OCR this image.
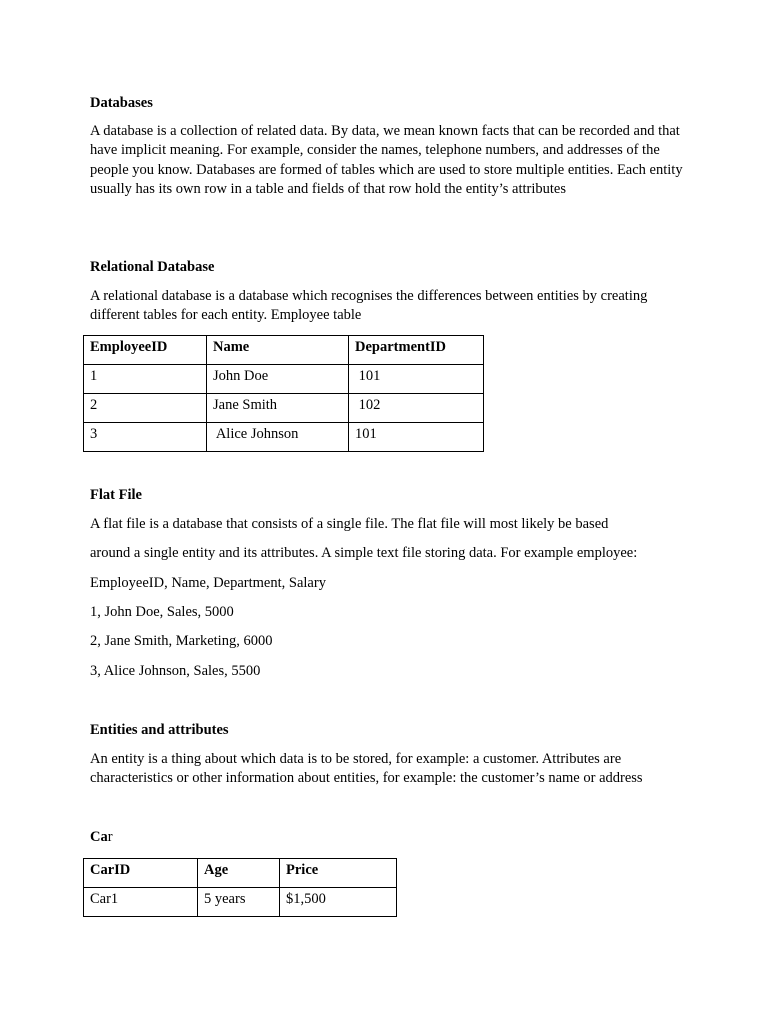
Databases
A database is a collection of related data. By data, we mean known facts that can be recorded and that have implicit meaning. For example, consider the names, telephone numbers, and addresses of the people you know. Databases are formed of tables which are used to store multiple entities. Each entity usually has its own row in a table and fields of that row hold the entity’s attributes
Relational Database
A relational database is a database which recognises the differences between entities by creating different tables for each entity. Employee table
EmployeeID	Name	DepartmentID
1	John Doe	101
2	Jane Smith	102
3	Alice Johnson	101
Flat File
A flat file is a database that consists of a single file. The flat file will most likely be based
around a single entity and its attributes. A simple text file storing data. For example employee:
EmployeeID, Name, Department, Salary
1, John Doe, Sales, 5000
2, Jane Smith, Marketing, 6000
3, Alice Johnson, Sales, 5500
Entities and attributes
An entity is a thing about which data is to be stored, for example: a customer. Attributes are characteristics or other information about entities, for example: the customer’s name or address
Car
CarID	Age	Price
Car1	5 years	$1,500
